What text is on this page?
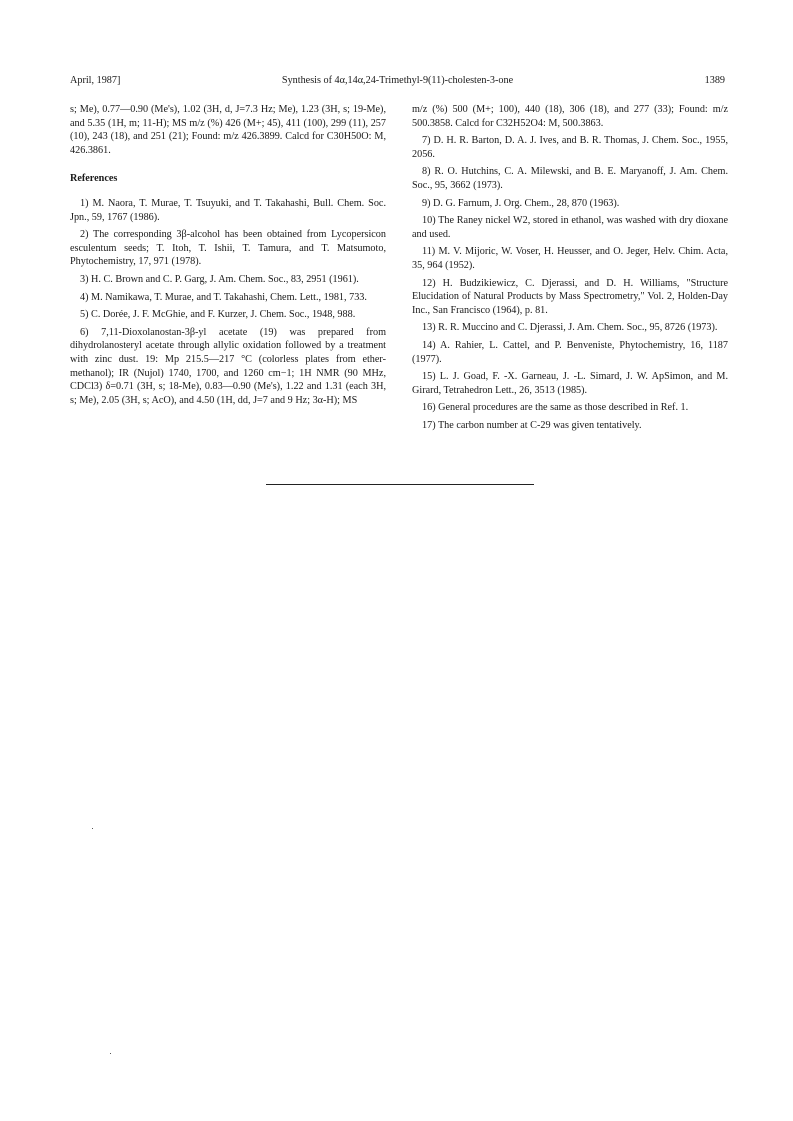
April, 1987]	Synthesis of 4α,14α,24-Trimethyl-9(11)-cholesten-3-one	1389

s; Me), 0.77—0.90 (Me's), 1.02 (3H, d, J=7.3 Hz; Me), 1.23 (3H, s; 19-Me), and 5.35 (1H, m; 11-H); MS m/z (%) 426 (M+; 45), 411 (100), 299 (11), 257 (10), 243 (18), and 251 (21); Found: m/z 426.3899. Calcd for C30H50O: M, 426.3861.

References

1) M. Naora, T. Murae, T. Tsuyuki, and T. Takahashi, Bull. Chem. Soc. Jpn., 59, 1767 (1986).

2) The corresponding 3β-alcohol has been obtained from Lycopersicon esculentum seeds; T. Itoh, T. Ishii, T. Tamura, and T. Matsumoto, Phytochemistry, 17, 971 (1978).

3) H. C. Brown and C. P. Garg, J. Am. Chem. Soc., 83, 2951 (1961).

4) M. Namikawa, T. Murae, and T. Takahashi, Chem. Lett., 1981, 733.

5) C. Dorée, J. F. McGhie, and F. Kurzer, J. Chem. Soc., 1948, 988.

6) 7,11-Dioxolanostan-3β-yl acetate (19) was prepared from dihydrolanosteryl acetate through allylic oxidation followed by a treatment with zinc dust. 19: Mp 215.5—217 °C (colorless plates from ether-methanol); IR (Nujol) 1740, 1700, and 1260 cm−1; 1H NMR (90 MHz, CDCl3) δ=0.71 (3H, s; 18-Me), 0.83—0.90 (Me's), 1.22 and 1.31 (each 3H, s; Me), 2.05 (3H, s; AcO), and 4.50 (1H, dd, J=7 and 9 Hz; 3α-H); MS

m/z (%) 500 (M+; 100), 440 (18), 306 (18), and 277 (33); Found: m/z 500.3858. Calcd for C32H52O4: M, 500.3863.

7) D. H. R. Barton, D. A. J. Ives, and B. R. Thomas, J. Chem. Soc., 1955, 2056.

8) R. O. Hutchins, C. A. Milewski, and B. E. Maryanoff, J. Am. Chem. Soc., 95, 3662 (1973).

9) D. G. Farnum, J. Org. Chem., 28, 870 (1963).

10) The Raney nickel W2, stored in ethanol, was washed with dry dioxane and used.

11) M. V. Mijoric, W. Voser, H. Heusser, and O. Jeger, Helv. Chim. Acta, 35, 964 (1952).

12) H. Budzikiewicz, C. Djerassi, and D. H. Williams, "Structure Elucidation of Natural Products by Mass Spectrometry," Vol. 2, Holden-Day Inc., San Francisco (1964), p. 81.

13) R. R. Muccino and C. Djerassi, J. Am. Chem. Soc., 95, 8726 (1973).

14) A. Rahier, L. Cattel, and P. Benveniste, Phytochemistry, 16, 1187 (1977).

15) L. J. Goad, F. -X. Garneau, J. -L. Simard, J. W. ApSimon, and M. Girard, Tetrahedron Lett., 26, 3513 (1985).

16) General procedures are the same as those described in Ref. 1.

17) The carbon number at C-29 was given tentatively.
